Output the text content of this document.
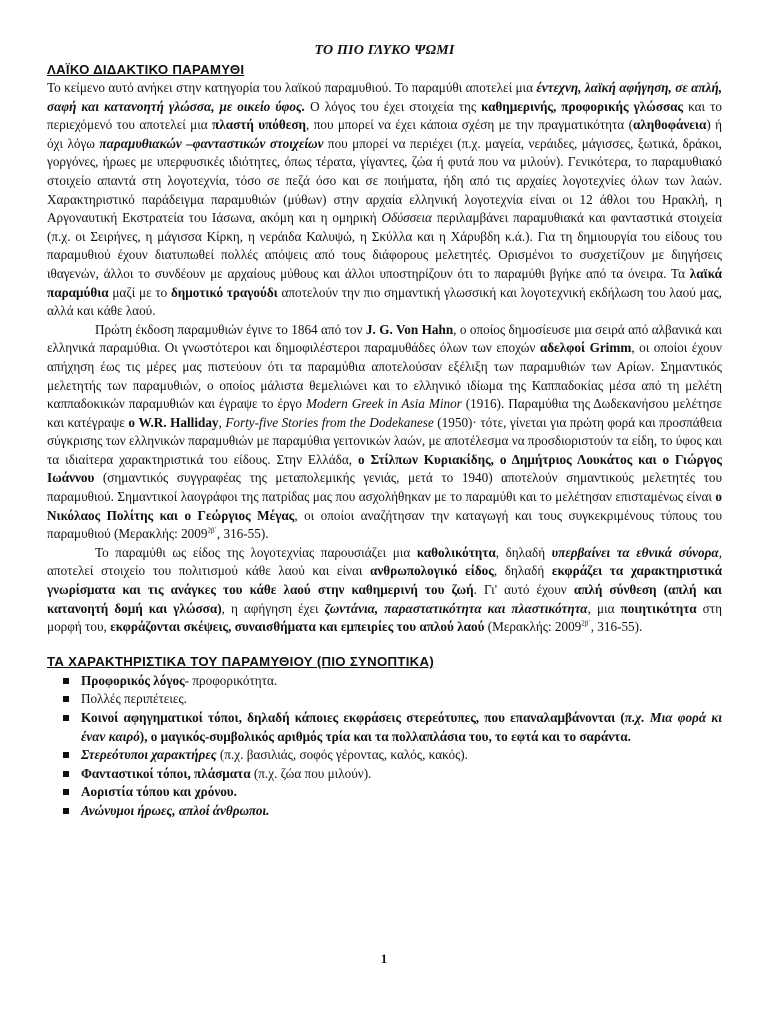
ΤΟ ΠΙΟ ΓΛΥΚΟ ΨΩΜΙ
ΛΑΪΚΟ ΔΙΔΑΚΤΙΚΟ ΠΑΡΑΜΥΘΙ

Το κείμενο αυτό ανήκει στην κατηγορία του λαϊκού παραμυθιού. Το παραμύθι αποτελεί μια έντεχνη, λαϊκή αφήγηση, σε απλή, σαφή και κατανοητή γλώσσα, με οικείο ύφος. Ο λόγος του έχει στοιχεία της καθημερινής, προφορικής γλώσσας και το περιεχόμενό του αποτελεί μια πλαστή υπόθεση, που μπορεί να έχει κάποια σχέση με την πραγματικότητα (αληθοφάνεια) ή όχι λόγω παραμυθιακών –φανταστικών στοιχείων που μπορεί να περιέχει (π.χ. μαγεία, νεράιδες, μάγισσες, ξωτικά, δράκοι, γοργόνες, ήρωες με υπερφυσικές ιδιότητες, όπως τέρατα, γίγαντες, ζώα ή φυτά που να μιλούν). Γενικότερα, το παραμυθιακό στοιχείο απαντά στη λογοτεχνία, τόσο σε πεζά όσο και σε ποιήματα, ήδη από τις αρχαίες λογοτεχνίες όλων των λαών. Χαρακτηριστικό παράδειγμα παραμυθιών (μύθων) στην αρχαία ελληνική λογοτεχνία είναι οι 12 άθλοι του Ηρακλή, η Αργοναυτική Εκστρατεία του Ιάσωνα, ακόμη και η ομηρική Οδύσσεια περιλαμβάνει παραμυθιακά και φανταστικά στοιχεία (π.χ. οι Σειρήνες, η μάγισσα Κίρκη, η νεράιδα Καλυψώ, η Σκύλλα και η Χάρυβδη κ.ά.). Για τη δημιουργία του είδους του παραμυθιού έχουν διατυπωθεί πολλές απόψεις από τους διάφορους μελετητές. Ορισμένοι το συσχετίζουν με διηγήσεις ιθαγενών, άλλοι το συνδέουν με αρχαίους μύθους και άλλοι υποστηρίζουν ότι το παραμύθι βγήκε από τα όνειρα. Τα λαϊκά παραμύθια μαζί με το δημοτικό τραγούδι αποτελούν την πιο σημαντική γλωσσική και λογοτεχνική εκδήλωση του λαού μας, αλλά και κάθε λαού.

Πρώτη έκδοση παραμυθιών έγινε το 1864 από τον J. G. Von Hahn, ο οποίος δημοσίευσε μια σειρά από αλβανικά και ελληνικά παραμύθια. Οι γνωστότεροι και δημοφιλέστεροι παραμυθάδες όλων των εποχών αδελφοί Grimm, οι οποίοι έχουν απήχηση έως τις μέρες μας πιστεύουν ότι τα παραμύθια αποτελούσαν εξέλιξη των παραμυθιών των Αρίων. Σημαντικός μελετητής των παραμυθιών, ο οποίος μάλιστα θεμελιώνει και το ελληνικό ιδίωμα της Καππαδοκίας μέσα από τη μελέτη καππαδοκικών παραμυθιών και έγραψε το έργο Modern Greek in Asia Minor (1916). Παραμύθια της Δωδεκανήσου μελέτησε και κατέγραψε ο W.R. Halliday, Forty-five Stories from the Dodekanese (1950)· τότε, γίνεται για πρώτη φορά και προσπάθεια σύγκρισης των ελληνικών παραμυθιών με παραμύθια γειτονικών λαών, με αποτέλεσμα να προσδιοριστούν τα είδη, το ύφος και τα ιδιαίτερα χαρακτηριστικά του είδους. Στην Ελλάδα, ο Στίλπων Κυριακίδης, ο Δημήτριος Λουκάτος και ο Γιώργος Ιωάννου (σημαντικός συγγραφέας της μεταπολεμικής γενιάς, μετά το 1940) αποτελούν σημαντικούς μελετητές του παραμυθιού. Σημαντικοί λαογράφοι της πατρίδας μας που ασχολήθηκαν με το παραμύθι και το μελέτησαν επισταμένως είναι ο Νικόλαος Πολίτης και ο Γεώργιος Μέγας, οι οποίοι αναζήτησαν την καταγωγή και τους συγκεκριμένους τύπους του παραμυθιού (Μερακλής: $2009^{2\beta΄}$, 316-55).

Το παραμύθι ως είδος της λογοτεχνίας παρουσιάζει μια καθολικότητα, δηλαδή υπερβαίνει τα εθνικά σύνορα, αποτελεί στοιχείο του πολιτισμού κάθε λαού και είναι ανθρωπολογικό είδος, δηλαδή εκφράζει τα χαρακτηριστικά γνωρίσματα και τις ανάγκες του κάθε λαού στην καθημερινή του ζωή. Γι' αυτό έχουν απλή σύνθεση (απλή και κατανοητή δομή και γλώσσα), η αφήγηση έχει ζωντάνια, παραστατικότητα και πλαστικότητα, μια ποιητικότητα στη μορφή του, εκφράζονται σκέψεις, συναισθήματα και εμπειρίες του απλού λαού (Μερακλής: $2009^{2\beta΄}$, 316-55).

ΤΑ ΧΑΡΑΚΤΗΡΙΣΤΙΚΑ ΤΟΥ ΠΑΡΑΜΥΘΙΟΥ (ΠΙΟ ΣΥΝΟΠΤΙΚΑ)
Προφορικός λόγος- προφορικότητα.
Πολλές περιπέτειες.
Κοινοί αφηγηματικοί τόποι, δηλαδή κάποιες εκφράσεις στερεότυπες, που επαναλαμβάνονται (π.χ. Μια φορά κι έναν καιρό), ο μαγικός-συμβολικός αριθμός τρία και τα πολλαπλάσια του, το εφτά και το σαράντα.
Στερεότυποι χαρακτήρες (π.χ. βασιλιάς, σοφός γέροντας, καλός, κακός).
Φανταστικοί τόποι, πλάσματα (π.χ. ζώα που μιλούν).
Αοριστία τόπου και χρόνου.
Ανώνυμοι ήρωες, απλοί άνθρωποι.
1
